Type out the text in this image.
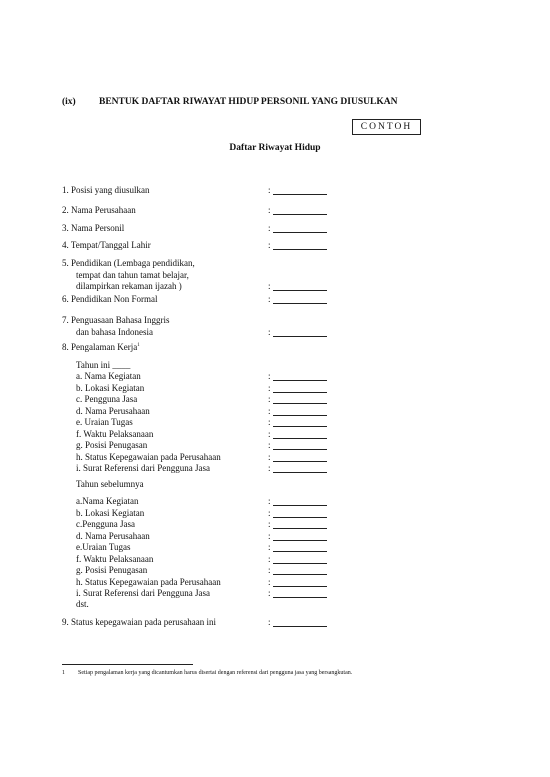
(ix) BENTUK DAFTAR RIWAYAT HIDUP PERSONIL YANG DIUSULKAN
CONTOH
Daftar Riwayat Hidup
1. Posisi yang diusulkan	:
2. Nama Perusahaan	:
3. Nama Personil	:
4. Tempat/Tanggal Lahir	:
5. Pendidikan (Lembaga pendidikan,
tempat dan tahun tamat belajar,
dilampirkan rekaman ijazah )	:
6. Pendidikan Non Formal	:
7. Penguasaan Bahasa Inggris
dan bahasa Indonesia	:
8. Pengalaman Kerja$^1$
Tahun ini ____
a. Nama Kegiatan	:
b. Lokasi Kegiatan	:
c. Pengguna Jasa	:
d. Nama Perusahaan	:
e. Uraian Tugas	:
f. Waktu Pelaksanaan	:
g. Posisi Penugasan	:
h. Status Kepegawaian pada Perusahaan	:
i. Surat Referensi dari Pengguna Jasa	:
Tahun sebelumnya
a.Nama Kegiatan	:
b. Lokasi Kegiatan	:
c.Pengguna Jasa	:
d. Nama Perusahaan	:
e.Uraian Tugas	:
f. Waktu Pelaksanaan	:
g. Posisi Penugasan	:
h. Status Kepegawaian pada Perusahaan	:
i. Surat Referensi dari Pengguna Jasa	:
dst.
9. Status kepegawaian pada perusahaan ini	:
1 Setiap pengalaman kerja yang dicantumkan harus disertai dengan referensi dari pengguna jasa yang bersangkutan.
